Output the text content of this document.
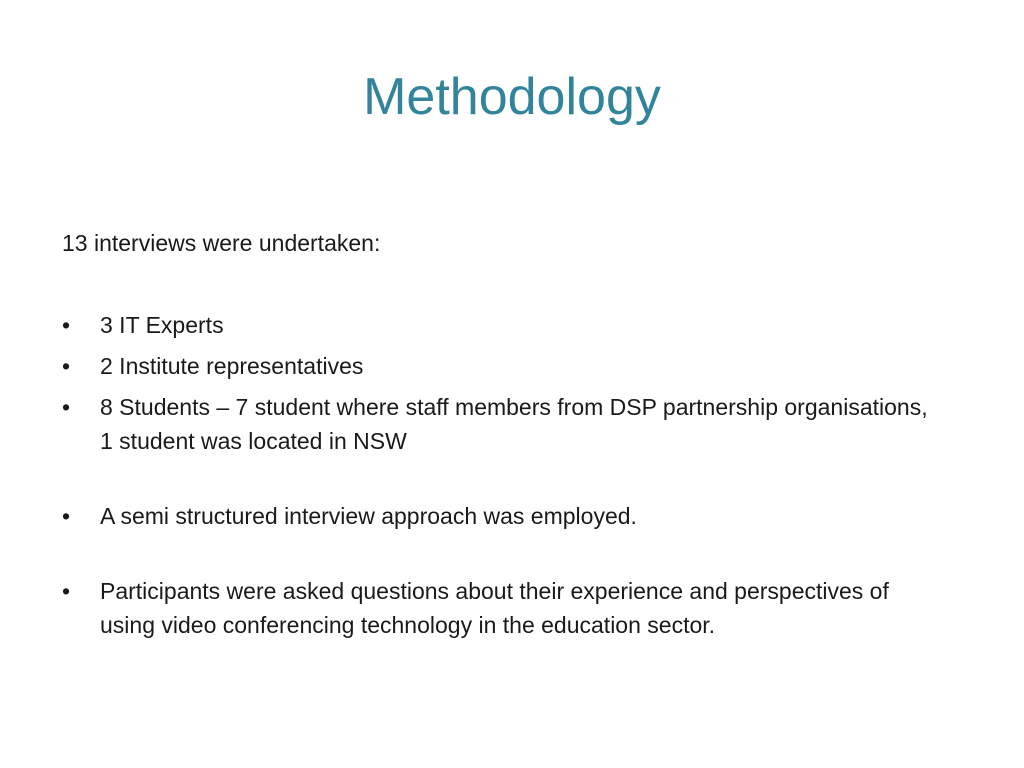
Methodology

13 interviews were undertaken:

•	3 IT Experts
•	2 Institute representatives
•	8 Students – 7 student where staff members from DSP partnership organisations, 1 student was located in NSW
•	A semi structured interview approach was employed.
•	Participants were asked questions about their experience and perspectives of using video conferencing technology in the education sector.
